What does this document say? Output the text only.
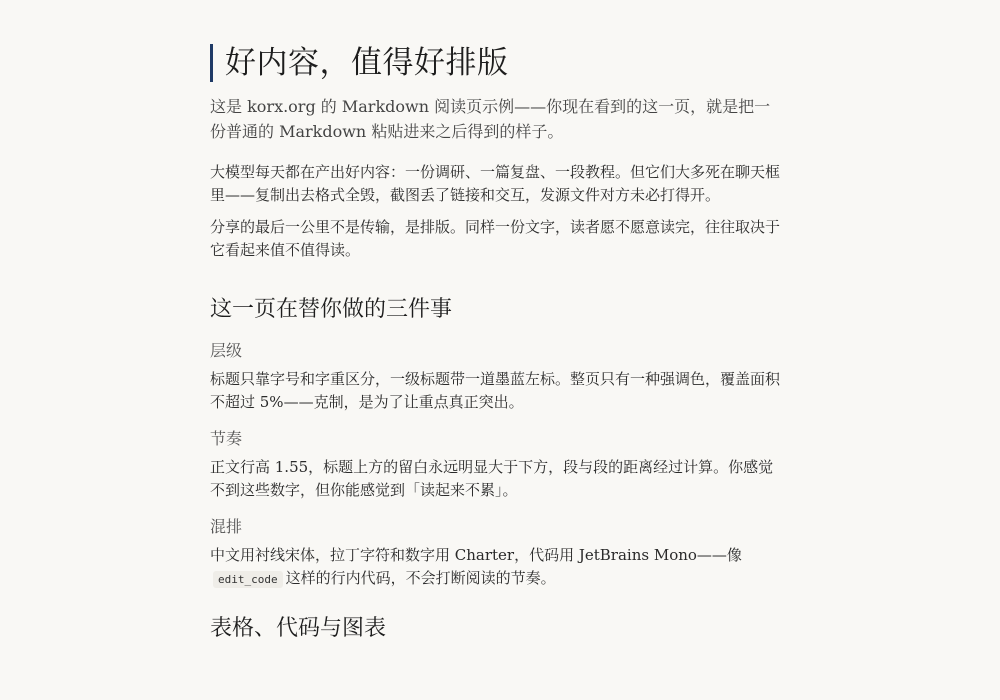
好内容，值得好排版

这是 korx.org 的 Markdown 阅读页示例——你现在看到的这一页，就是把一份普通的 Markdown 粘贴进来之后得到的样子。

大模型每天都在产出好内容：一份调研、一篇复盘、一段教程。但它们大多死在聊天框里——复制出去格式全毁，截图丢了链接和交互，发源文件对方未必打得开。

分享的最后一公里不是传输，是排版。同样一份文字，读者愿不愿意读完，往往取决于它看起来值不值得读。

这一页在替你做的三件事
层级

标题只靠字号和字重区分，一级标题带一道墨蓝左标。整页只有一种强调色，覆盖面积不超过 5%——克制，是为了让重点真正突出。

节奏

正文行高 1.55，标题上方的留白永远明显大于下方，段与段的距离经过计算。你感觉不到这些数字，但你能感觉到「读起来不累」。

混排

中文用衬线宋体，拉丁字符和数字用 Charter，代码用 JetBrains Mono——像edit_code 这样的行内代码，不会打断阅读的节奏。

表格、代码与图表
